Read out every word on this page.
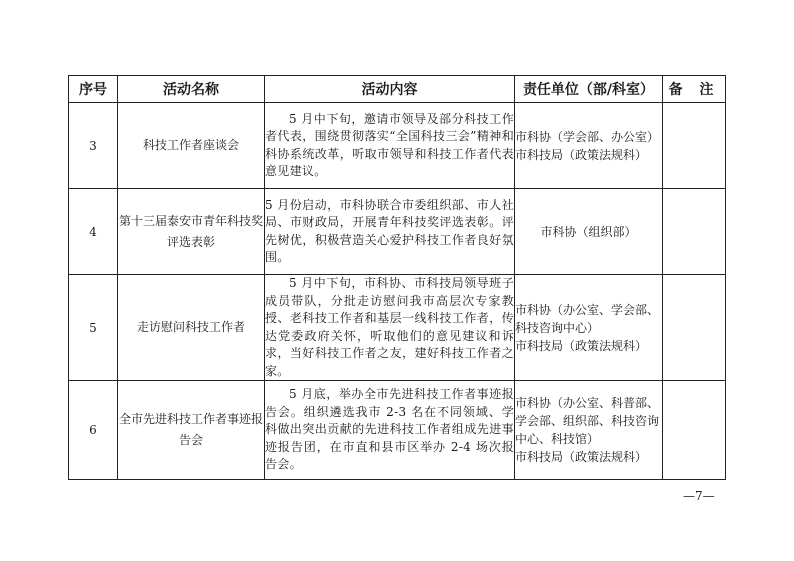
序号	活动名称	活动内容	责任单位（部/科室）	备 注
3	科技工作者座谈会	5 月中下旬，邀请市领导及部分科技工作者代表，围绕贯彻落实“全国科技三会”精神和科协系统改革，听取市领导和科技工作者代表意见建议。	市科协（学会部、办公室）
市科技局（政策法规科）	

4	第十三届泰安市青年科技奖评选表彰	5 月份启动，市科协联合市委组织部、市人社局、市财政局，开展青年科技奖评选表彰。评先树优，积极营造关心爱护科技工作者良好氛围。	市科协（组织部）	

5	走访慰问科技工作者	5 月中下旬，市科协、市科技局领导班子成员带队，分批走访慰问我市高层次专家教授、老科技工作者和基层一线科技工作者，传达党委政府关怀，听取他们的意见建议和诉求，当好科技工作者之友，建好科技工作者之家。	市科协（办公室、学会部、科技咨询中心）
市科技局（政策法规科）	

6	全市先进科技工作者事迹报告会	5 月底，举办全市先进科技工作者事迹报告会。组织遴选我市 2-3 名在不同领域、学科做出突出贡献的先进科技工作者组成先进事迹报告团，在市直和县市区举办 2-4 场次报告会。	市科协（办公室、科普部、学会部、组织部、科技咨询中心、科技馆）
市科技局（政策法规科）	

—7—
